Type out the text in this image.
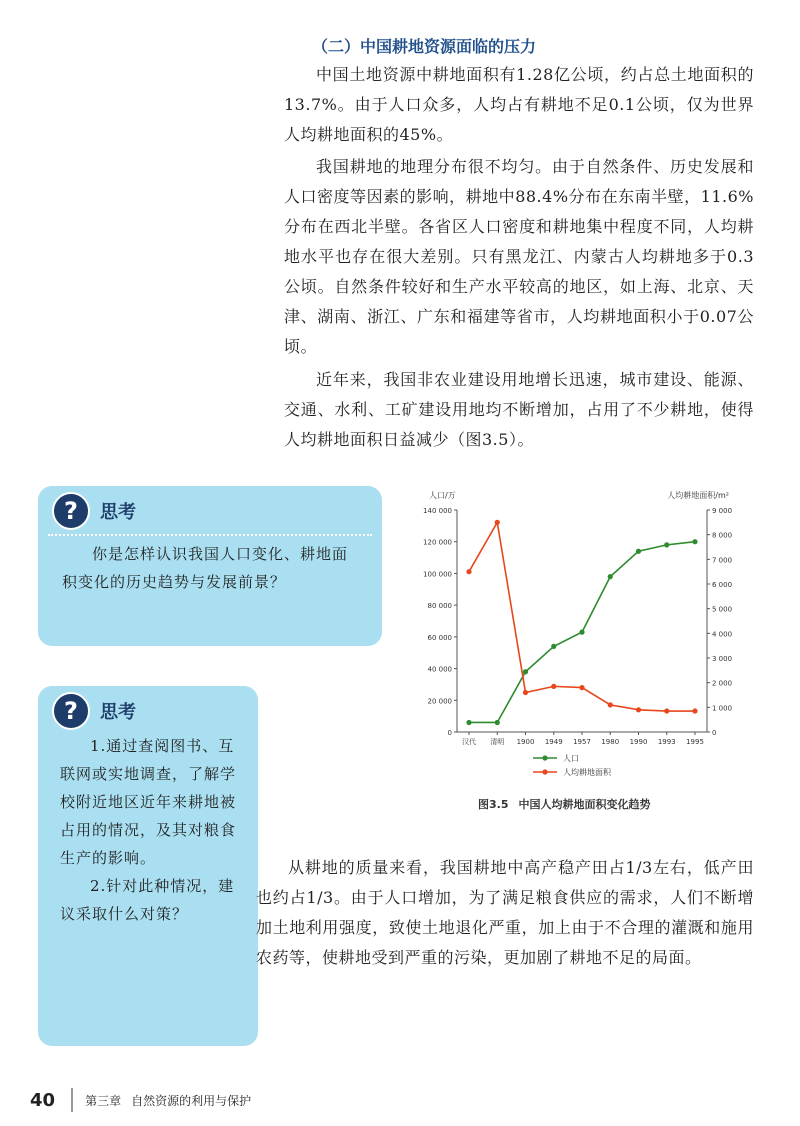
（二）中国耕地资源面临的压力

中国土地资源中耕地面积有1.28亿公顷，约占总土地面积的13.7%。由于人口众多，人均占有耕地不足0.1公顷，仅为世界人均耕地面积的45%。

我国耕地的地理分布很不均匀。由于自然条件、历史发展和人口密度等因素的影响，耕地中88.4%分布在东南半壁，11.6%分布在西北半壁。各省区人口密度和耕地集中程度不同，人均耕地水平也存在很大差别。只有黑龙江、内蒙古人均耕地多于0.3公顷。自然条件较好和生产水平较高的地区，如上海、北京、天津、湖南、浙江、广东和福建等省市，人均耕地面积小于0.07公顷。

近年来，我国非农业建设用地增长迅速，城市建设、能源、交通、水利、工矿建设用地均不断增加，占用了不少耕地，使得人均耕地面积日益减少（图3.5）。

?	思考
你是怎样认识我国人口变化、耕地面积变化的历史趋势与发展前景？
?	思考

1.通过查阅图书、互联网或实地调查，了解学校附近地区近年来耕地被占用的情况，及其对粮食生产的影响。

2.针对此种情况，建议采取什么对策？

0
20 000
40 000
60 000
80 000
100 000
120 000
140 000
0
1 000
2 000
3 000
4 000
5 000
6 000
7 000
8 000
9 000
汉代 清明 1900 1949 1957 1980 1990 1993 1995
人口/万	人均耕地面积/m²
人口
人均耕地面积
图3.5 中国人均耕地面积变化趋势

从耕地的质量来看，我国耕地中高产稳产田占1/3左右，低产田也约占1/3。由于人口增加，为了满足粮食供应的需求，人们不断增加土地利用强度，致使土地退化严重，加上由于不合理的灌溉和施用农药等，使耕地受到严重的污染，更加剧了耕地不足的局面。

40	第三章 自然资源的利用与保护
